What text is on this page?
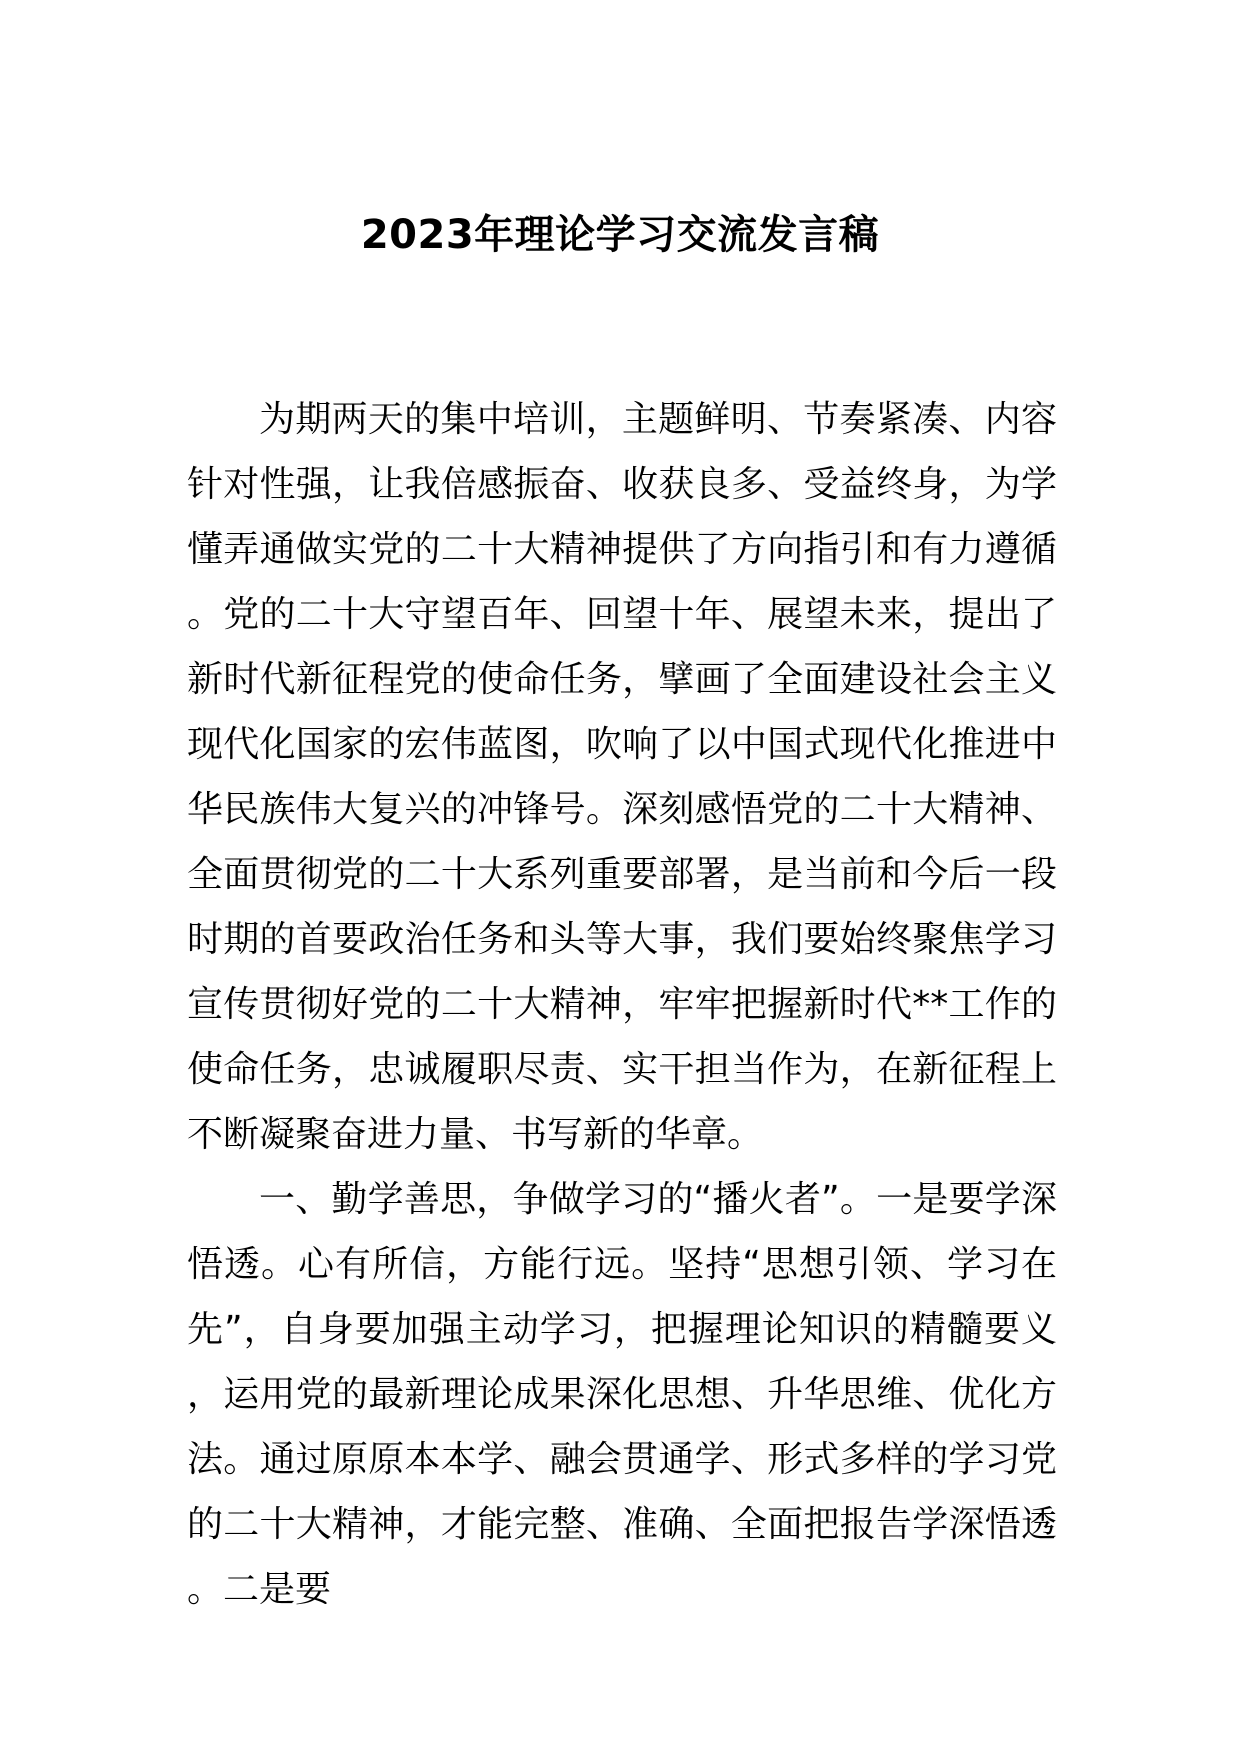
2023年理论学习交流发言稿

为期两天的集中培训，主题鲜明、节奏紧凑、内容针对性强，让我倍感振奋、收获良多、受益终身，为学懂弄通做实党的二十大精神提供了方向指引和有力遵循。党的二十大守望百年、回望十年、展望未来，提出了新时代新征程党的使命任务，擘画了全面建设社会主义现代化国家的宏伟蓝图，吹响了以中国式现代化推进中华民族伟大复兴的冲锋号。深刻感悟党的二十大精神、全面贯彻党的二十大系列重要部署，是当前和今后一段时期的首要政治任务和头等大事，我们要始终聚焦学习宣传贯彻好党的二十大精神，牢牢把握新时代**工作的使命任务，忠诚履职尽责、实干担当作为，在新征程上不断凝聚奋进力量、书写新的华章。

一、勤学善思，争做学习的“播火者”。一是要学深悟透。心有所信，方能行远。坚持“思想引领、学习在先”，自身要加强主动学习，把握理论知识的精髓要义，运用党的最新理论成果深化思想、升华思维、优化方法。通过原原本本学、融会贯通学、形式多样的学习党的二十大精神，才能完整、准确、全面把报告学深悟透。二是要
